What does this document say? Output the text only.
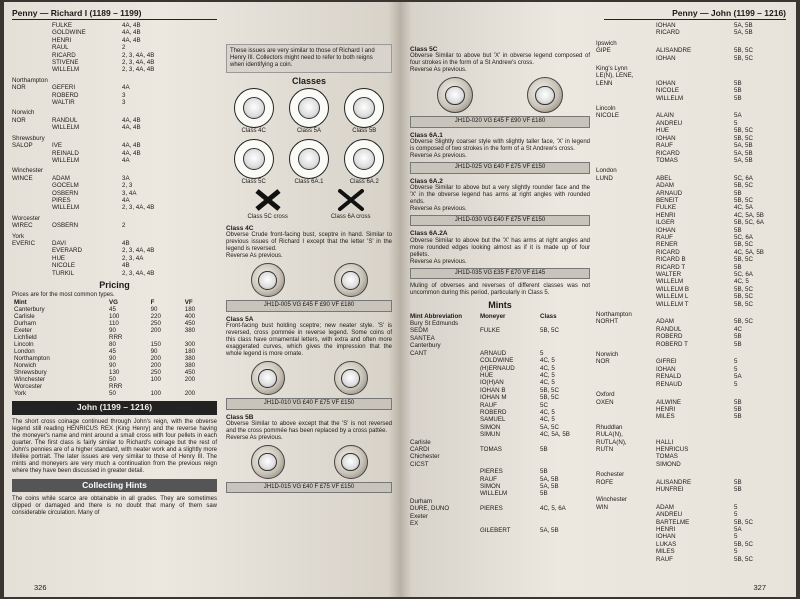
Penny — Richard I (1189 – 1199)
FULKE	4A, 4B
GOLDWINE	4A, 4B
HENRI	4A, 4B
RAUL	2
RICARD	2, 3, 4A, 4B
STIVENE	2, 3, 4A, 4B
WILLELM	2, 3, 4A, 4B
Northampton
NOR	GEFERI	4A
ROBERD	3
WALTIR	3
Norwich
NOR	RANDUL	4A, 4B
WILLELM	4A, 4B
Shrewsbury
SALOP	IVE	4A, 4B
REINALD	4A, 4B
WILLELM	4A
Winchester
WINCE	ADAM	3A
GOCELM	2, 3
OSBERN	3, 4A
PIRES	4A
WILLELM	2, 3, 4A, 4B
Worcester
WIREC	OSBERN	2
York
EVERIC	DAVI	4B
EVERARD	2, 3, 4A, 4B
HUE	2, 3, 4A
NICOLE	4B
TURKIL	2, 3, 4A, 4B
Pricing
Prices are for the most common types.
Mint	VG	F	VF
Canterbury	45	90	180
Carlisle	100	220	400
Durham	110	250	450
Exeter	90	200	380
Lichfield	RRR		
Lincoln	80	150	300
London	45	90	180
Northampton	90	200	380
Norwich	90	200	380
Shrewsbury	130	250	450
Winchester	50	100	200
Worcester	RRR		
York	50	100	200
John (1199 – 1216)
The short cross coinage continued through John's reign, with the obverse legend still reading HENRICUS REX (King Henry) and the reverse having the moneyer's name and mint around a small cross with four pellets in each quarter. The first class is fairly similar to Richard's coinage but the rest of John's pennies are of a higher standard, with neater work and a slightly more lifelike portrait. The later issues are very similar to those of Henry III. The mints and moneyers are very much a continuation from the previous reign where they have been discussed in greater detail.
Collecting Hints
The coins while scarce are obtainable in all grades. They are sometimes clipped or damaged and there is no doubt that many of them saw considerable circulation. Many of
These issues are very similar to those of Richard I and Henry III. Collectors might need to refer to both reigns when identifying a coin.
Classes
Class 4C	Class 5A	Class 5B
Class 5C	Class 6A.1	Class 6A.2
Class 5C cross	Class 6A cross
Class 4C
Obverse Crude front-facing bust, sceptre in hand. Similar to previous issues of Richard I except that the letter 'S' in the legend is reversed.
Reverse As previous.
JH1D-005 VG £45 F £90 VF £180
Class 5A
Front-facing bust holding sceptre; new neater style. 'S' is reversed, cross pommée in reverse legend. Some coins of this class have ornamental letters, with extra and often more exaggerated curves, which gives the impression that the whole legend is more ornate.
JH1D-010 VG £40 F £75 VF £150
Class 5B
Obverse Similar to above except that the 'S' is not reversed and the cross pommée has been replaced by a cross pattée.
Reverse As previous.
JH1D-015 VG £40 F £75 VF £150
326
Penny — John (1199 – 1216)
Class 5C
Obverse Similar to above but 'X' in obverse legend composed of four strokes in the form of a St Andrew's cross.
Reverse As previous.
JH1D-020 VG £45 F £90 VF £180
Class 6A.1
Obverse Slightly coarser style with slightly taller face, 'X' in legend is composed of two strokes in the form of a St Andrew's cross.
Reverse As previous.
JH1D-025 VG £40 F £75 VF £150
Class 6A.2
Obverse Similar to above but a very slightly rounder face and the 'X' in the obverse legend has arms at right angles with rounded ends.
Reverse As previous.
JH1D-030 VG £40 F £75 VF £150
Class 6A.2A
Obverse Similar to above but the 'X' has arms at right angles and more rounded edges looking almost as if it is made up of four pellets.
Reverse As previous.
JH1D-035 VG £35 F £70 VF £145
Muling of obverses and reverses of different classes was not uncommon during this period, particularly in Class 5.
Mints
Mint Abbreviation	Moneyer	Class
Bury St Edmunds
SEDM	FULKE	5B, 5C
SANTEA
Canterbury
CANT	ARNAUD	5
COLDWINE	4C, 5
(H)ERNAUD	4C, 5
HUE	4C, 5
IO(H)AN	4C, 5
IOHAN B	5B, 5C
IOHAN M	5B, 5C
RAUF	5C
ROBERD	4C, 5
SAMUEL	4C, 5
SIMON	5A, 5C
SIMUN	4C, 5A, 5B
Carlisle
CARDI	TOMAS	5B
Chichester
CICST
PIERES	5B
RAUF	5A, 5B
SIMON	5A, 5B
WILLELM	5B
Durham
DURE, DUNO	PIERES	4C, 5, 6A
Exeter
EX
GILEBERT	5A, 5B
IOHAN	5A, 5B
RICARD	5A, 5B
Ipswich
GIPE	ALISANDRE	5B, 5C
IOHAN	5B, 5C
King's Lynn
LE(N), LENE,
LENN	IOHAN	5B
NICOLE	5B
WILLELM	5B
Lincoln
NICOLE	ALAIN	5A
ANDREU	5
HUE	5B, 5C
IOHAN	5B, 5C
RAUF	5A, 5B
RICARD	5A, 5B
TOMAS	5A, 5B
London
LUND	ABEL	5C, 6A
ADAM	5B, 5C
ARNAUD	5B
BENEIT	5B, 5C
FULKE	4C, 5A
HENRI	4C, 5A, 5B
ILGER	5B, 5C, 6A
IOHAN	5B
RAUF	5C, 6A
RENER	5B, 5C
RICARD	4C, 5A, 5B
RICARD B	5B, 5C
RICARD T	5B
WALTER	5C, 6A
WILLELM	4C, 5
WILLELM B	5B, 5C
WILLELM L	5B, 5C
WILLELM T	5B, 5C
Northampton
NORHT	ADAM	5B, 5C
RANDUL	4C
ROBERD	5B
ROBERD T	5B
Norwich
NOR	GIFREI	5
IOHAN	5
RENALD	5A
RENAUD	5
Oxford
OXEN	AILWINE	5B
HENRI	5B
MILES	5B
Rhuddlan
RULA(N),
RUTLA(N),	HALLI
RUTN	HENRICUS
TOMAS
SIMOND
Rochester
ROFE	ALISANDRE	5B
HUNFREI	5B
Winchester
WIN	ADAM	5
ANDREU	5
BARTELME	5B, 5C
HENRI	5A
IOHAN	5
LUKAS	5B, 5C
MILES	5
RAUF	5B, 5C
327
